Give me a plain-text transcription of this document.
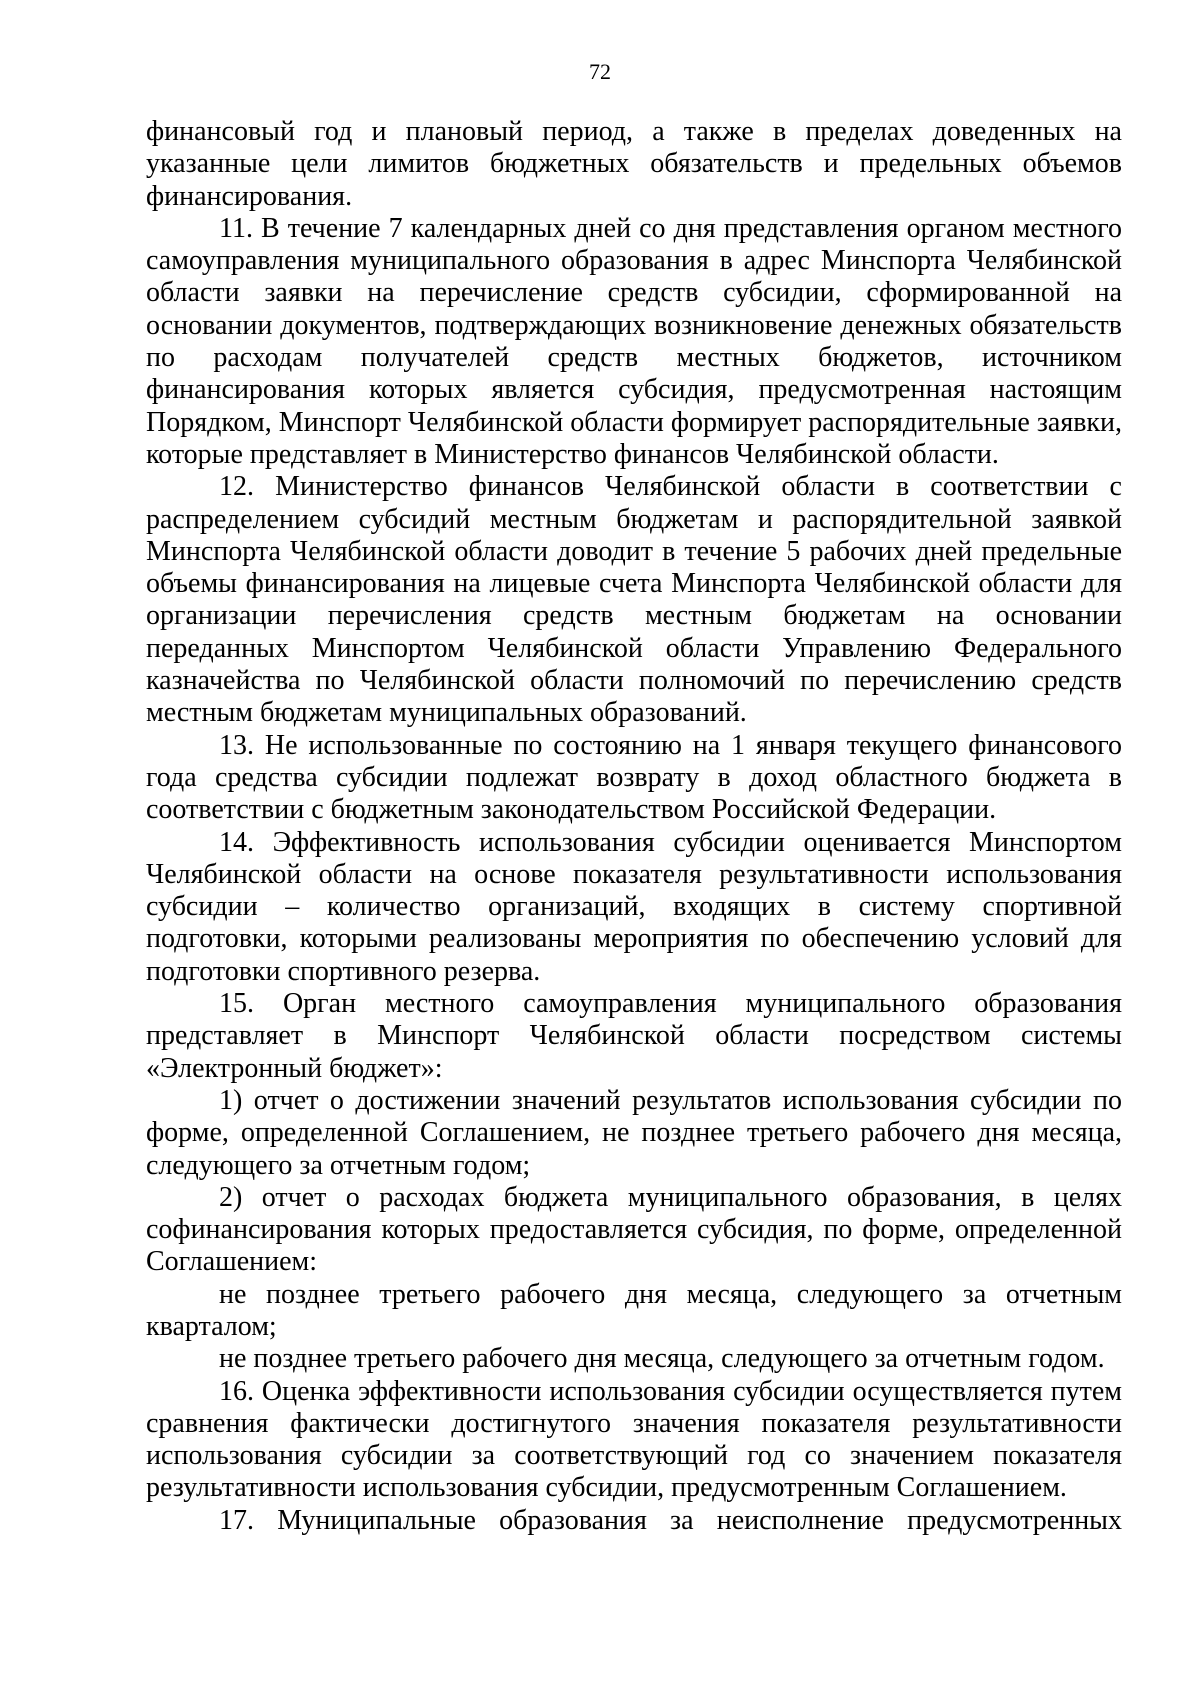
72

финансовый год и плановый период, а также в пределах доведенных на указанные цели лимитов бюджетных обязательств и предельных объемов финансирования.

11. В течение 7 календарных дней со дня представления органом местного самоуправления муниципального образования в адрес Минспорта Челябинской области заявки на перечисление средств субсидии, сформированной на основании документов, подтверждающих возникновение денежных обязательств по расходам получателей средств местных бюджетов, источником финансирования которых является субсидия, предусмотренная настоящим Порядком, Минспорт Челябинской области формирует распорядительные заявки, которые представляет в Министерство финансов Челябинской области.

12. Министерство финансов Челябинской области в соответствии с распределением субсидий местным бюджетам и распорядительной заявкой Минспорта Челябинской области доводит в течение 5 рабочих дней предельные объемы финансирования на лицевые счета Минспорта Челябинской области для организации перечисления средств местным бюджетам на основании переданных Минспортом Челябинской области Управлению Федерального казначейства по Челябинской области полномочий по перечислению средств местным бюджетам муниципальных образований.

13. Не использованные по состоянию на 1 января текущего финансового года средства субсидии подлежат возврату в доход областного бюджета в соответствии с бюджетным законодательством Российской Федерации.

14. Эффективность использования субсидии оценивается Минспортом Челябинской области на основе показателя результативности использования субсидии – количество организаций, входящих в систему спортивной подготовки, которыми реализованы мероприятия по обеспечению условий для подготовки спортивного резерва.

15. Орган местного самоуправления муниципального образования представляет в Минспорт Челябинской области посредством системы «Электронный бюджет»:

1) отчет о достижении значений результатов использования субсидии по форме, определенной Соглашением, не позднее третьего рабочего дня месяца, следующего за отчетным годом;

2) отчет о расходах бюджета муниципального образования, в целях софинансирования которых предоставляется субсидия, по форме, определенной Соглашением:

не позднее третьего рабочего дня месяца, следующего за отчетным кварталом;

не позднее третьего рабочего дня месяца, следующего за отчетным годом.

16. Оценка эффективности использования субсидии осуществляется путем сравнения фактически достигнутого значения показателя результативности использования субсидии за соответствующий год со значением показателя результативности использования субсидии, предусмотренным Соглашением.

17. Муниципальные образования за неисполнение предусмотренных
